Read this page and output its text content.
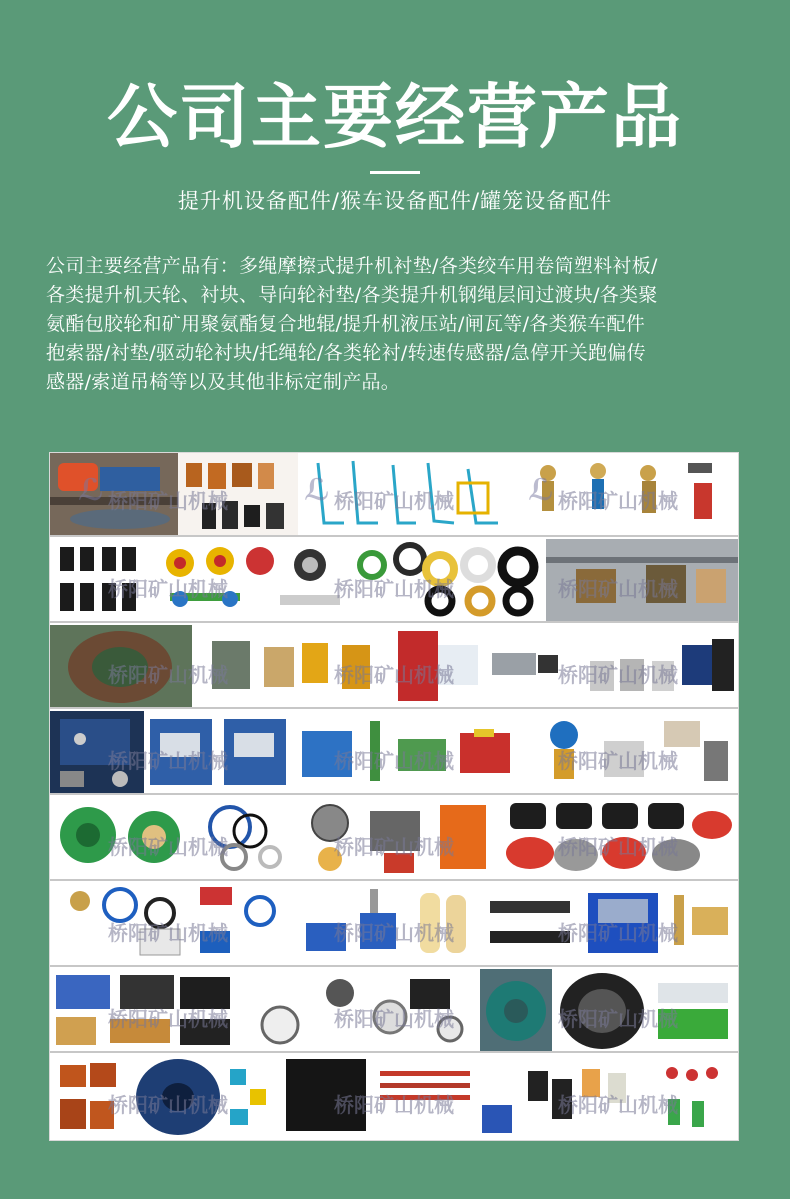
公司主要经营产品
提升机设备配件/猴车设备配件/罐笼设备配件
公司主要经营产品有：多绳摩擦式提升机衬垫/各类绞车用卷筒塑料衬板/
各类提升机天轮、衬块、导向轮衬垫/各类提升机钢绳层间过渡块/各类聚
氨酯包胶轮和矿用聚氨酯复合地辊/提升机液压站/闸瓦等/各类猴车配件
抱索器/衬垫/驱动轮衬块/托绳轮/各类轮衬/转速传感器/急停开关跑偏传
感器/索道吊椅等以及其他非标定制产品。
ℒ 桥阳矿山机械	ℒ 桥阳矿山机械 ℒ 桥阳矿山机械
桥阳矿山机械	桥阳矿山机械	桥阳矿山机械
桥阳矿山机械	桥阳矿山机械	桥阳矿山机械
桥阳矿山机械	桥阳矿山机械	桥阳矿山机械
桥阳矿山机械	桥阳矿山机械	桥阳矿山机械
桥阳矿山机械	桥阳矿山机械	桥阳矿山机械
桥阳矿山机械	桥阳矿山机械	桥阳矿山机械
桥阳矿山机械	桥阳矿山机械	桥阳矿山机械
